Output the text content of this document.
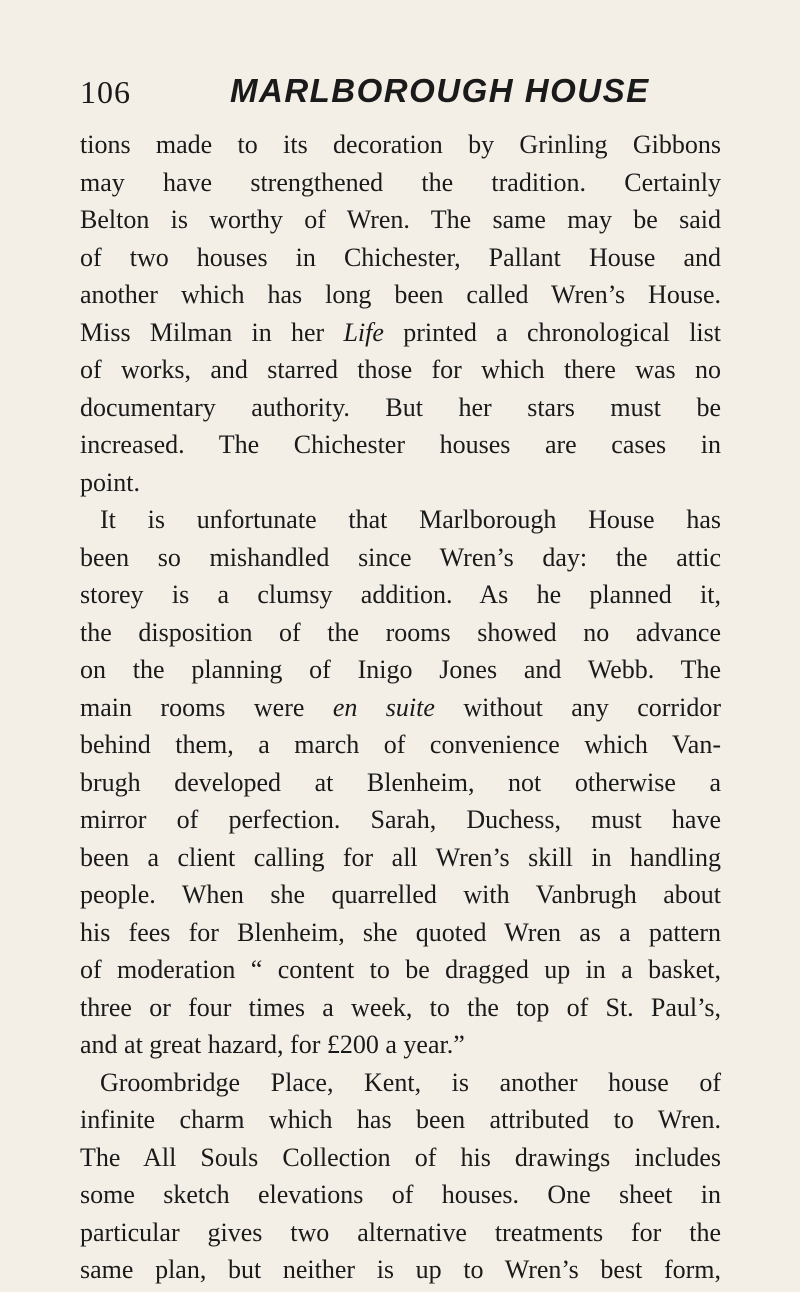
106	MARLBOROUGH HOUSE
tions made to its decoration by Grinling Gibbons
may have strengthened the tradition. Certainly
Belton is worthy of Wren. The same may be said
of two houses in Chichester, Pallant House and
another which has long been called Wren’s House.
Miss Milman in her Life printed a chronological list
of works, and starred those for which there was no
documentary authority. But her stars must be
increased. The Chichester houses are cases in
point.
It is unfortunate that Marlborough House has
been so mishandled since Wren’s day: the attic
storey is a clumsy addition. As he planned it,
the disposition of the rooms showed no advance
on the planning of Inigo Jones and Webb. The
main rooms were en suite without any corridor
behind them, a march of convenience which Van-
brugh developed at Blenheim, not otherwise a
mirror of perfection. Sarah, Duchess, must have
been a client calling for all Wren’s skill in handling
people. When she quarrelled with Vanbrugh about
his fees for Blenheim, she quoted Wren as a pattern
of moderation “ content to be dragged up in a basket,
three or four times a week, to the top of St. Paul’s,
and at great hazard, for £200 a year.”
Groombridge Place, Kent, is another house of
infinite charm which has been attributed to Wren.
The All Souls Collection of his drawings includes
some sketch elevations of houses. One sheet in
particular gives two alternative treatments for the
same plan, but neither is up to Wren’s best form,
